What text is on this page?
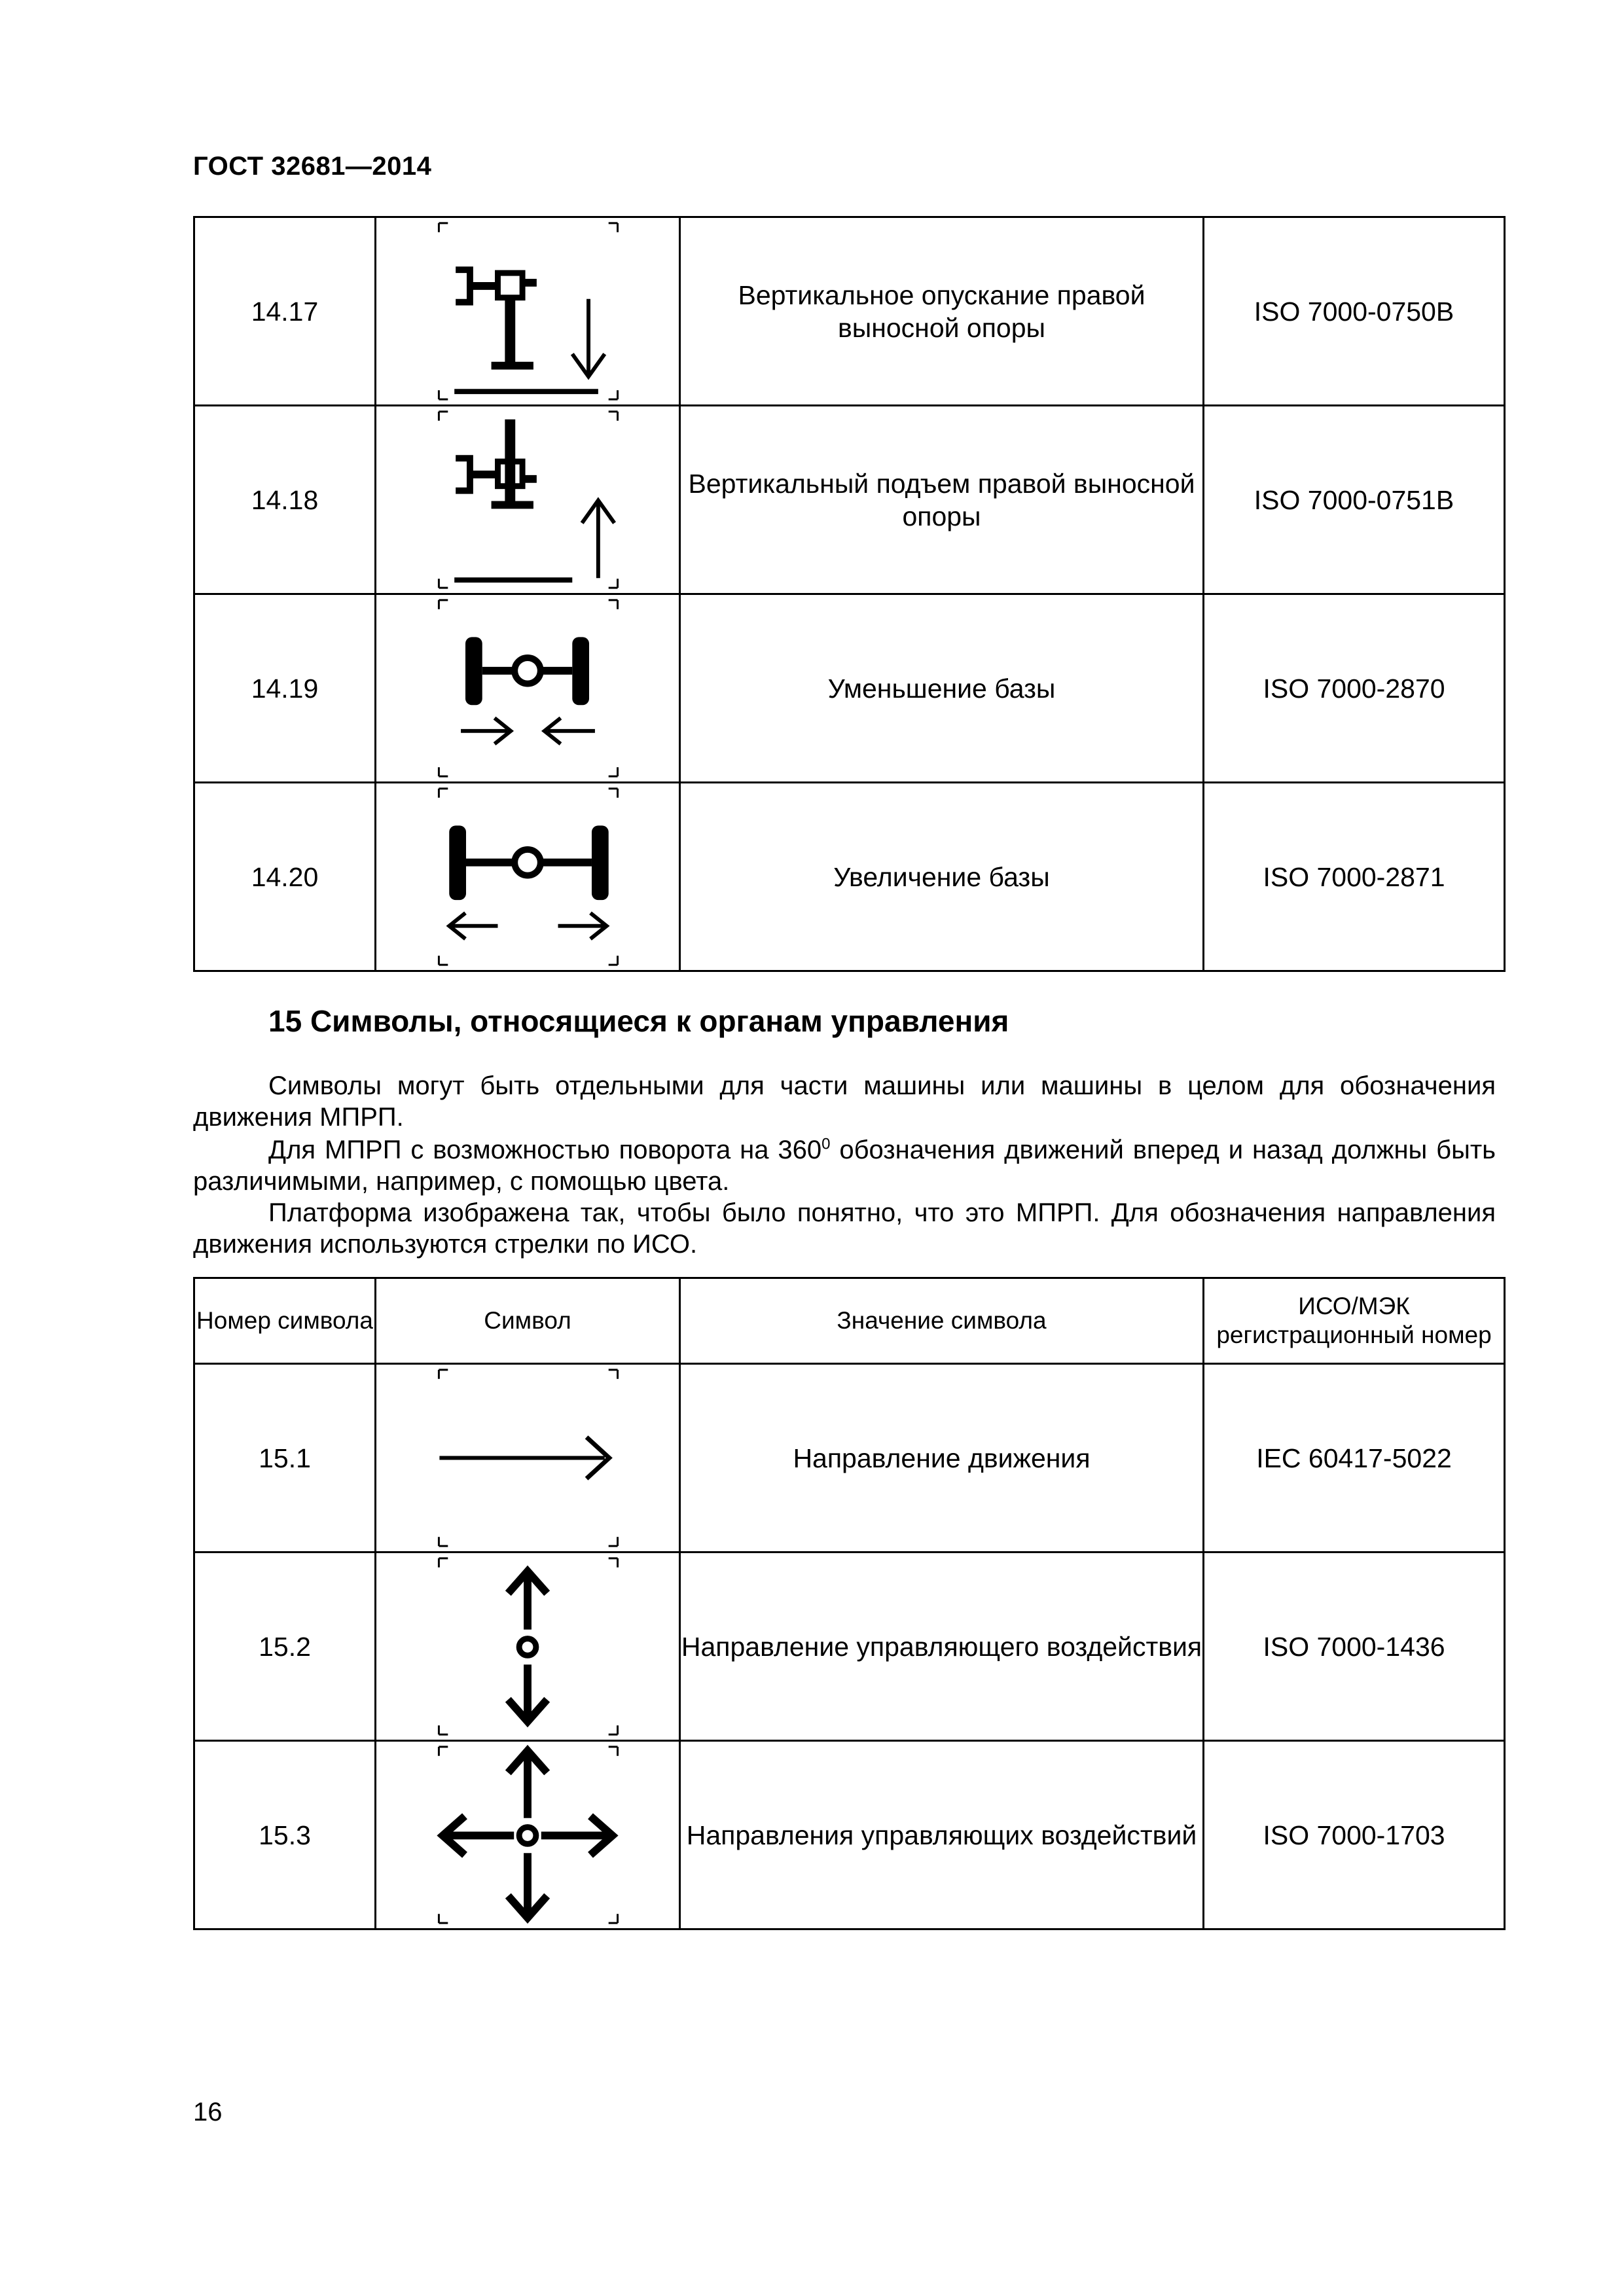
ГОСТ 32681—2014
14.17		Вертикальное опускание правой выносной опоры	ISO 7000-0750B
14.18		Вертикальный подъем правой выносной опоры	ISO 7000-0751B
14.19		Уменьшение базы	ISO 7000-2870
14.20		Увеличение базы	ISO 7000-2871
15 Символы, относящиеся к органам управления
Символы могут быть отдельными для части машины или машины в целом для обозначения движения МПРП.
Для МПРП с возможностью поворота на $360^0$ обозначения движений вперед и назад должны быть различимыми, например, с помощью цвета.
Платформа изображена так, чтобы было понятно, что это МПРП. Для обозначения направления движения используются стрелки по ИСО.
Номер символа	Символ	Значение символа	ИСО/МЭК регистрационный номер
15.1		Направление движения	IEC 60417-5022
15.2		Направление управляющего воздействия	ISO 7000-1436
15.3		Направления управляющих воздействий	ISO 7000-1703
16
